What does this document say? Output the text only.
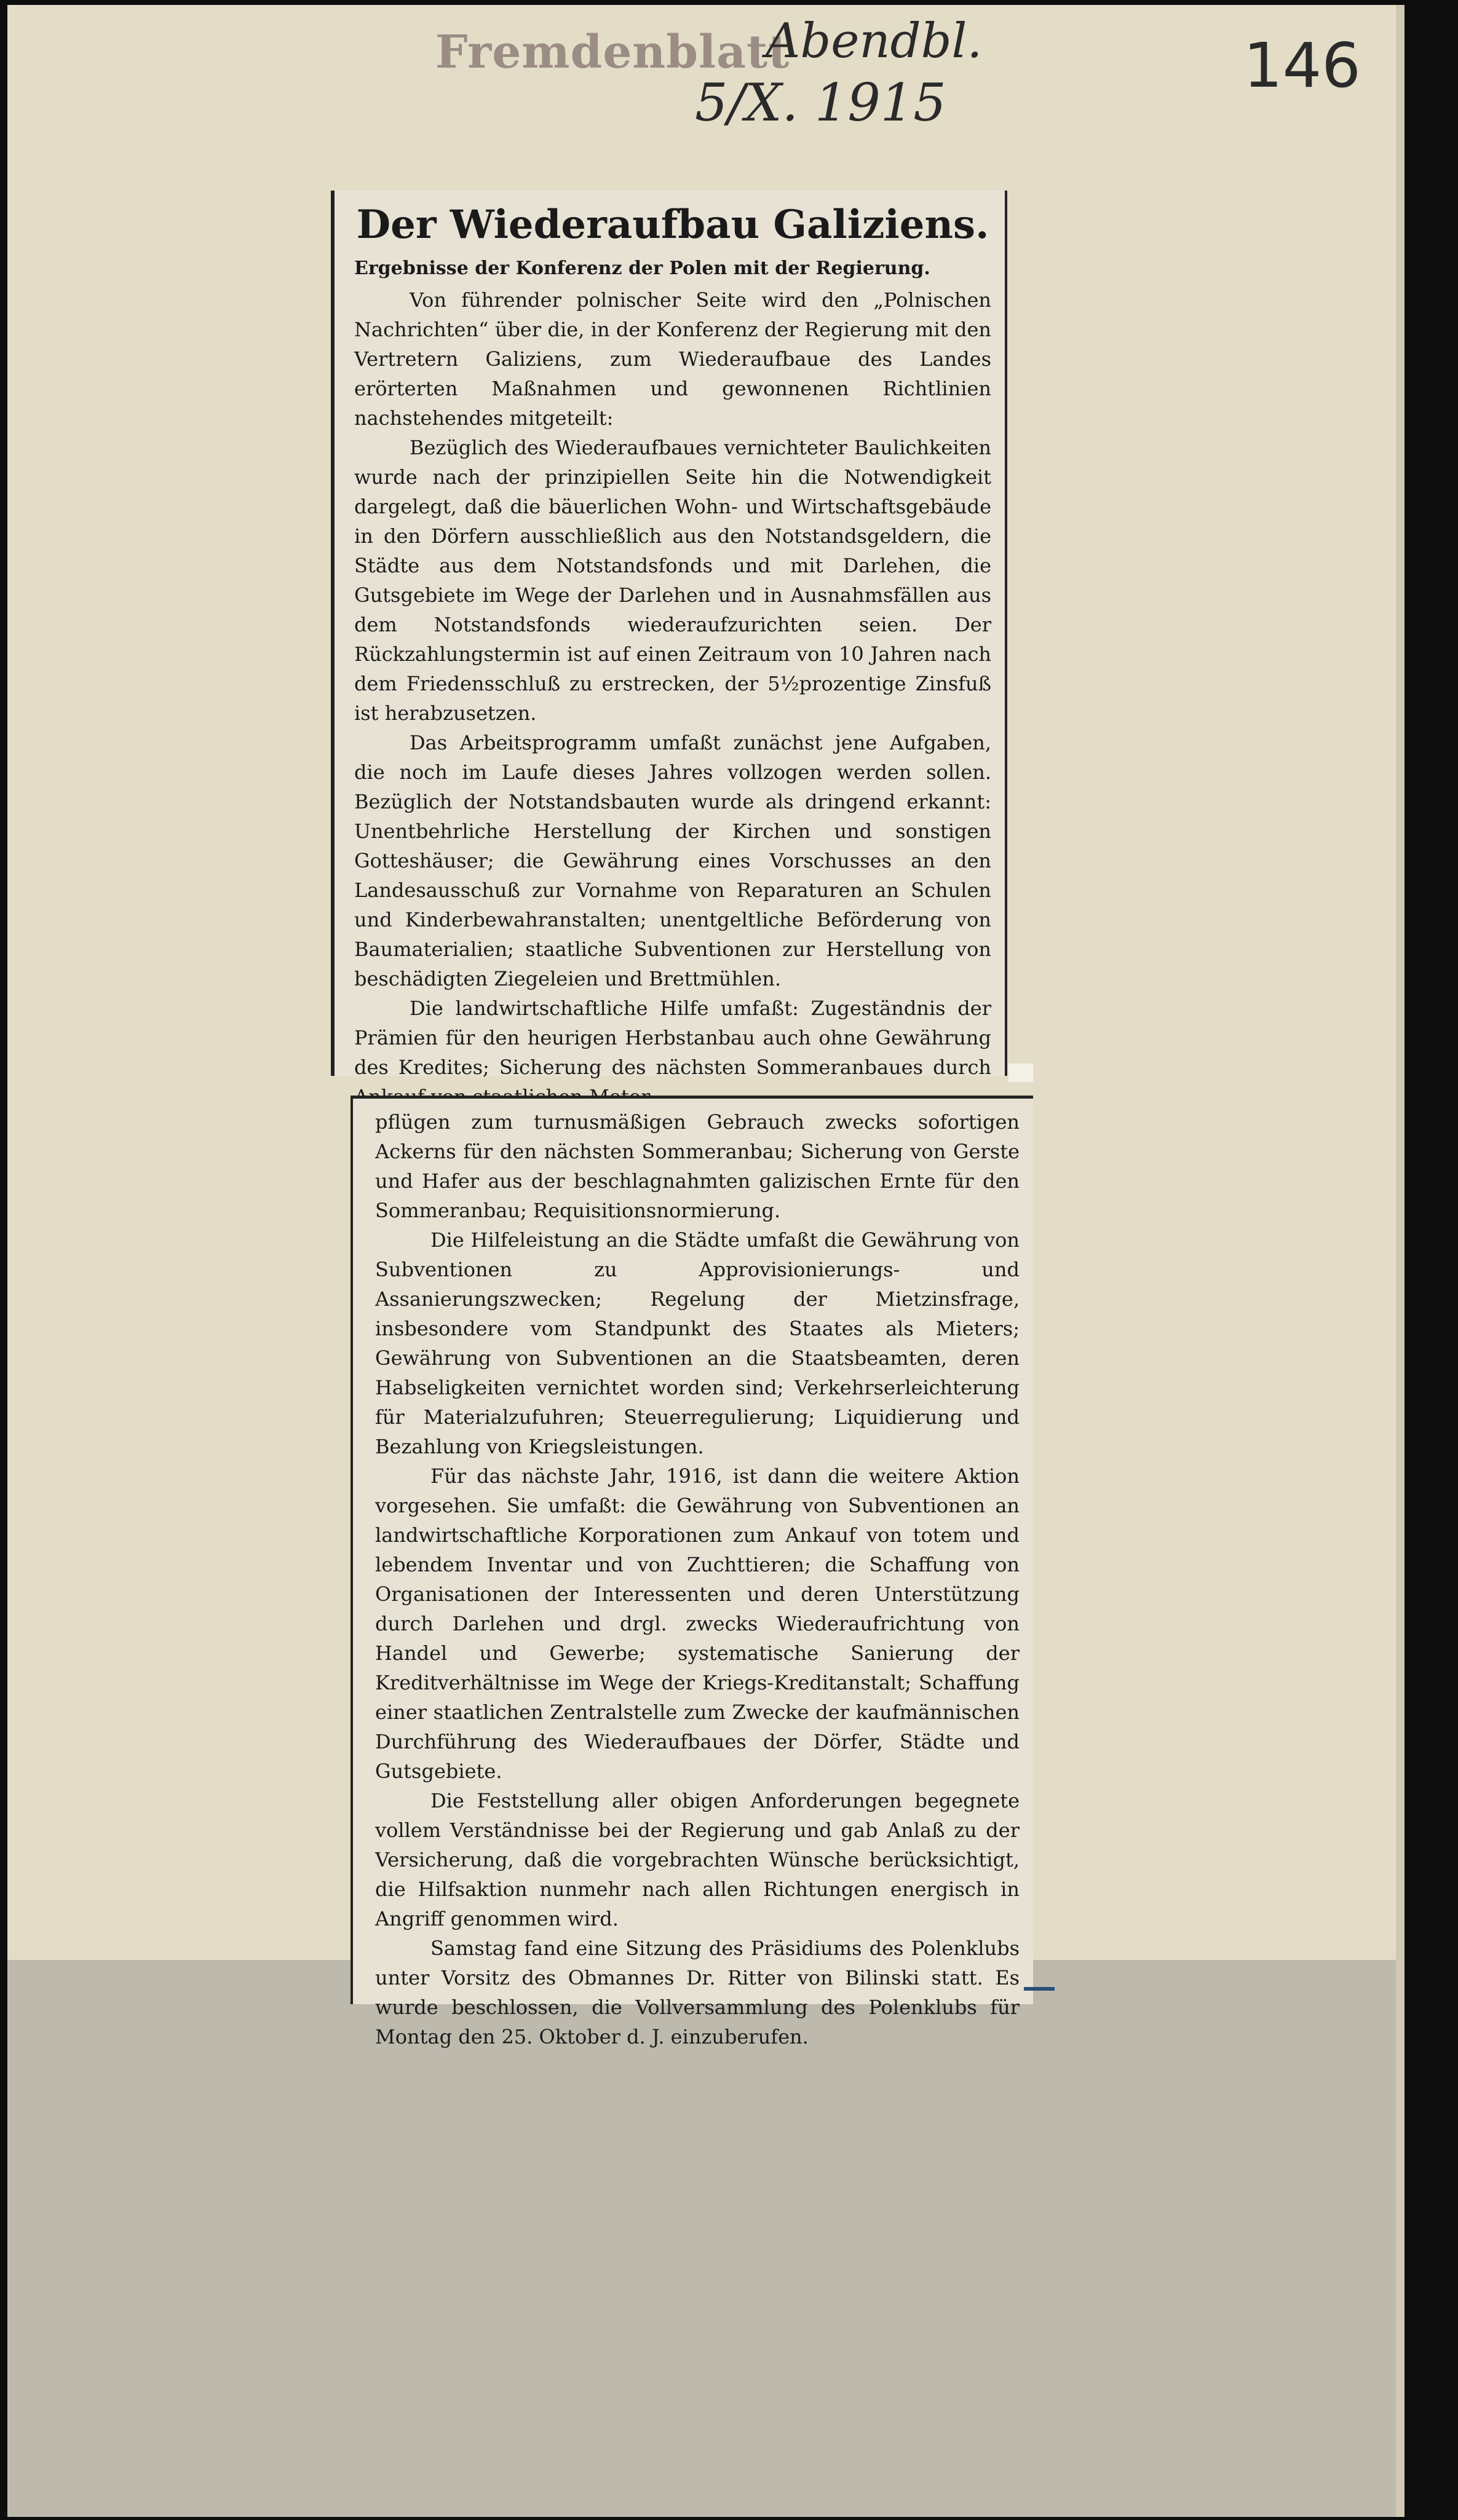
Fremdenblatt
Abendbl.
5/X. 1915
146
Der Wiederaufbau Galiziens.
Ergebnisse der Konferenz der Polen mit der Regierung.

Von führender polnischer Seite wird den „Polnischen Nachrichten“ über die, in der Konferenz der Regierung mit den Vertretern Galiziens, zum Wiederaufbaue des Landes erörterten Maßnahmen und gewonnenen Richtlinien nachstehendes mitgeteilt:

Bezüglich des Wiederaufbaues vernichteter Baulichkeiten wurde nach der prinzipiellen Seite hin die Notwendigkeit dargelegt, daß die bäuerlichen Wohn- und Wirtschaftsgebäude in den Dörfern ausschließlich aus den Notstandsgeldern, die Städte aus dem Notstandsfonds und mit Darlehen, die Gutsgebiete im Wege der Darlehen und in Ausnahmsfällen aus dem Notstandsfonds wiederaufzurichten seien. Der Rückzahlungstermin ist auf einen Zeitraum von 10 Jahren nach dem Friedensschluß zu erstrecken, der 5½prozentige Zinsfuß ist herabzusetzen.

Das Arbeitsprogramm umfaßt zunächst jene Aufgaben, die noch im Laufe dieses Jahres vollzogen werden sollen. Bezüglich der Notstandsbauten wurde als dringend erkannt: Unentbehrliche Herstellung der Kirchen und sonstigen Gotteshäuser; die Gewährung eines Vorschusses an den Landesausschuß zur Vornahme von Reparaturen an Schulen und Kinderbewahranstalten; unentgeltliche Beförderung von Baumaterialien; staatliche Subventionen zur Herstellung von beschädigten Ziegeleien und Brettmühlen.

Die landwirtschaftliche Hilfe umfaßt: Zugeständnis der Prämien für den heurigen Herbstanbau auch ohne Gewährung des Kredites; Sicherung des nächsten Sommeranbaues durch

pflügen zum turnusmäßigen Gebrauch zwecks sofortigen Ackerns für den nächsten Sommeranbau; Sicherung von Gerste und Hafer aus der beschlagnahmten galizischen Ernte für den Sommeranbau; Requisitionsnormierung.

Die Hilfeleistung an die Städte umfaßt die Gewährung von Subventionen zu Approvisionierungs- und Assanierungszwecken; Regelung der Mietzinsfrage, insbesondere vom Standpunkt des Staates als Mieters; Gewährung von Subventionen an die Staatsbeamten, deren Habseligkeiten vernichtet worden sind; Verkehrserleichterung für Materialzufuhren; Steuerregulierung; Liquidierung und Bezahlung von Kriegsleistungen.

Für das nächste Jahr, 1916, ist dann die weitere Aktion vorgesehen. Sie umfaßt: die Gewährung von Subventionen an landwirtschaftliche Korporationen zum Ankauf von totem und lebendem Inventar und von Zuchttieren; die Schaffung von Organisationen der Interessenten und deren Unterstützung durch Darlehen und drgl. zwecks Wiederaufrichtung von Handel und Gewerbe; systematische Sanierung der Kreditverhältnisse im Wege der Kriegs-Kreditanstalt; Schaffung einer staatlichen Zentralstelle zum Zwecke der kaufmännischen Durchführung des Wiederaufbaues der Dörfer, Städte und Gutsgebiete.

Die Feststellung aller obigen Anforderungen begegnete vollem Verständnisse bei der Regierung und gab Anlaß zu der Versicherung, daß die vorgebrachten Wünsche berücksichtigt, die Hilfsaktion nunmehr nach allen Richtungen energisch in Angriff genommen wird.

Samstag fand eine Sitzung des Präsidiums des Polenklubs unter Vorsitz des Obmannes Dr. Ritter von Bilinski statt. Es wurde beschlossen, die Vollversammlung des Polenklubs für Montag den 25. Oktober d. J. einzuberufen.
